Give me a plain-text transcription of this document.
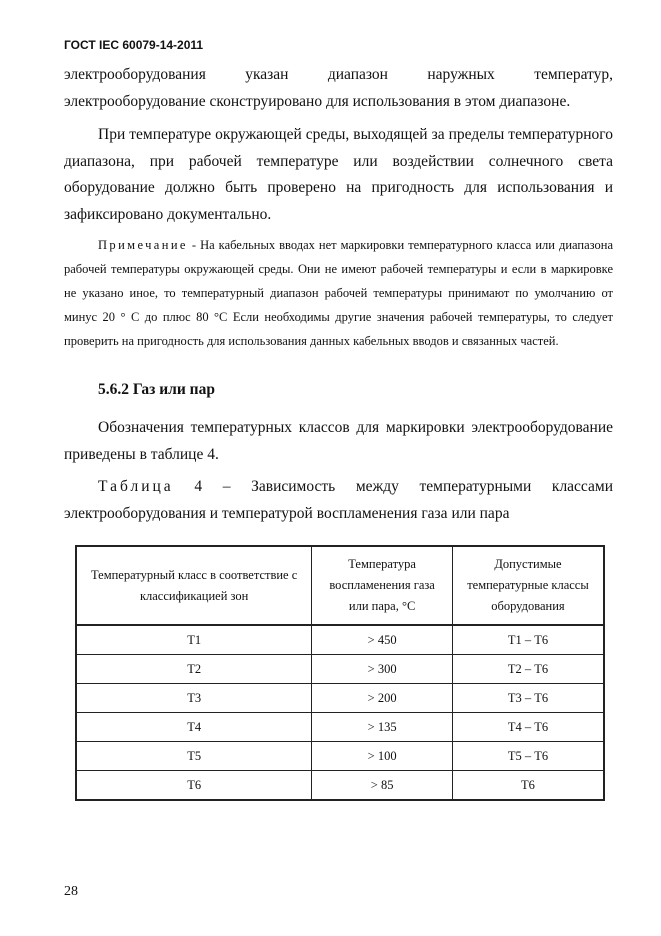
ГОСТ IEC 60079-14-2011
электрооборудования указан диапазон наружных температур, электрооборудование сконструировано для использования в этом диапазоне.
При температуре окружающей среды, выходящей за пределы температурного диапазона, при рабочей температуре или воздействии солнечного света оборудование должно быть проверено на пригодность для использования и зафиксировано документально.
Примечание - На кабельных вводах нет маркировки температурного класса или диапазона рабочей температуры окружающей среды. Они не имеют рабочей температуры и если в маркировке не указано иное, то температурный диапазон рабочей температуры принимают по умолчанию от минус 20 ° С до плюс 80 °С Если необходимы другие значения рабочей температуры, то следует проверить на пригодность для использования данных кабельных вводов и связанных частей.
5.6.2 Газ или пар
Обозначения температурных классов для маркировки электрооборудование приведены в таблице 4.
Таблица 4 – Зависимость между температурными классами электрооборудования и температурой воспламенения газа или пара
Температурный класс в соответствие с классификацией зон	Температура воспламенения газа или пара, °С	Допустимые температурные классы оборудования
Т1	> 450	Т1 – Т6
Т2	> 300	Т2 – Т6
Т3	> 200	Т3 – Т6
Т4	> 135	Т4 – Т6
Т5	> 100	Т5 – Т6
Т6	> 85	Т6
28
